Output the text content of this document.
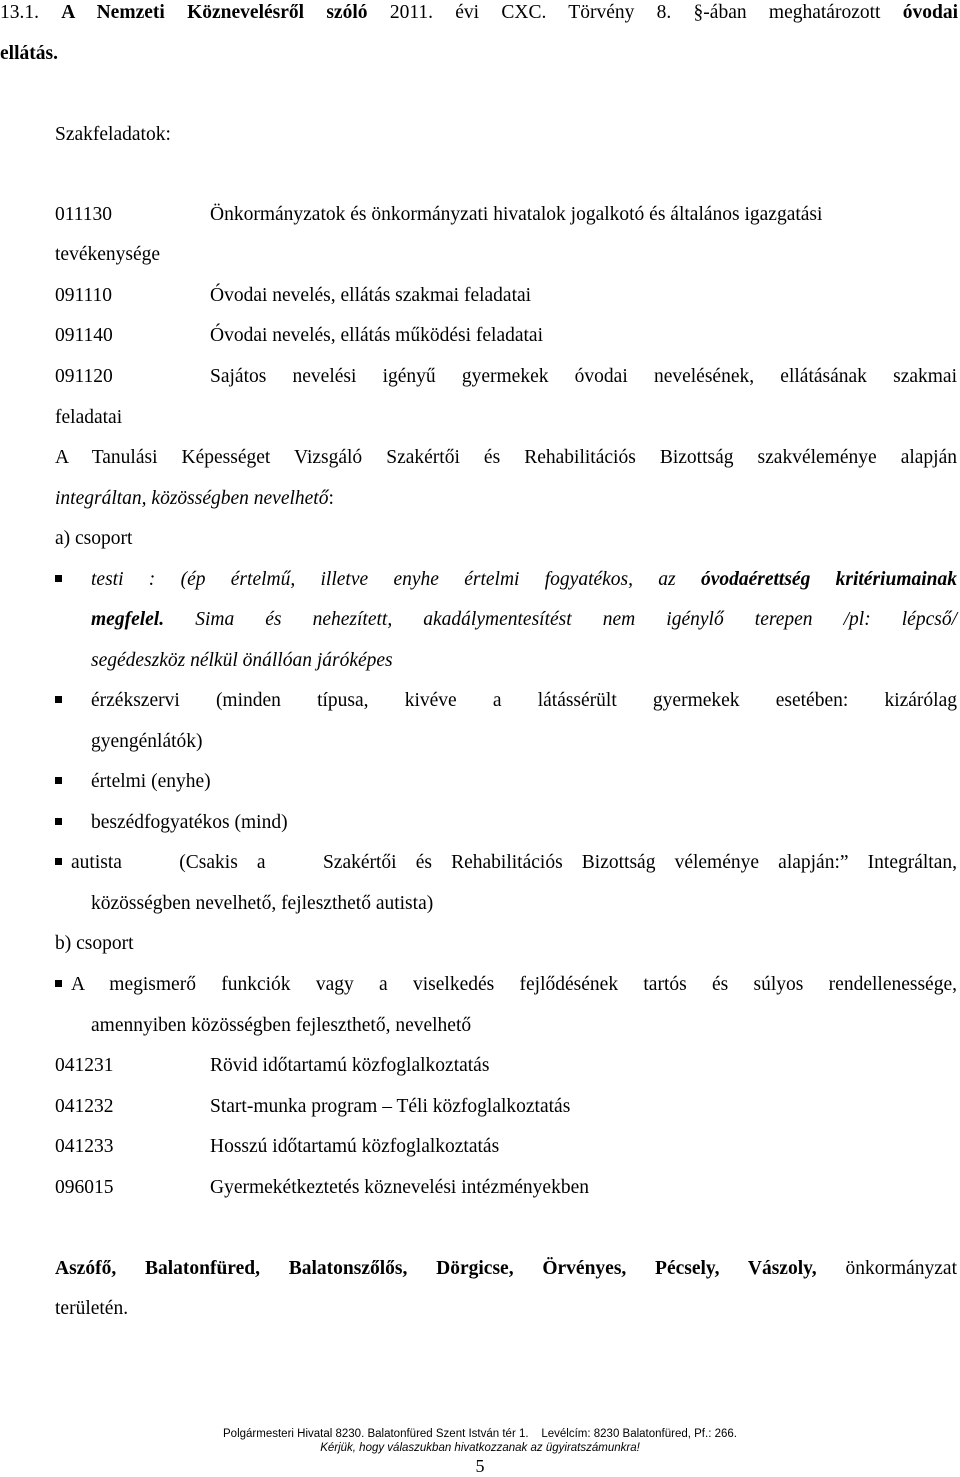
13.1. A Nemzeti Köznevelésről szóló 2011. évi CXC. Törvény 8. §-ában meghatározott óvodai
ellátás.
Szakfeladatok:
011130	Önkormányzatok és önkormányzati hivatalok jogalkotó és általános igazgatási
tevékenysége
091110	Óvodai nevelés, ellátás szakmai feladatai
091140	Óvodai nevelés, ellátás működési feladatai
091120	Sajátos nevelési igényű gyermekek óvodai nevelésének, ellátásának szakmai
feladatai
A Tanulási Képességet Vizsgáló Szakértői és Rehabilitációs Bizottság szakvéleménye alapján
integráltan, közösségben nevelhető:
a) csoport
testi : (ép értelmű, illetve enyhe értelmi fogyatékos, az óvodaérettség kritériumainak
megfelel. Sima és nehezített, akadálymentesítést nem igénylő terepen /pl: lépcső/
segédeszköz nélkül önállóan járóképes
érzékszervi (minden típusa, kivéve a látássérült gyermekek esetében: kizárólag
gyengénlátók)
értelmi (enyhe)
beszédfogyatékos (mind)
autista   (Csakis a   Szakértői és Rehabilitációs Bizottság véleménye alapján:” Integráltan,
közösségben nevelhető, fejleszthető autista)
b) csoport
A megismerő funkciók vagy a viselkedés fejlődésének tartós és súlyos rendellenessége,
amennyiben közösségben fejleszthető, nevelhető
041231	Rövid időtartamú közfoglalkoztatás
041232	Start-munka program – Téli közfoglalkoztatás
041233	Hosszú időtartamú közfoglalkoztatás
096015	Gyermekétkeztetés köznevelési intézményekben
Aszófő, Balatonfüred, Balatonszőlős, Dörgicse, Örvényes, Pécsely, Vászoly, önkormányzat
területén.
Polgármesteri Hivatal 8230. Balatonfüred Szent István tér 1.    Levélcím: 8230 Balatonfüred, Pf.: 266.
Kérjük, hogy válaszukban hivatkozzanak az ügyiratszámunkra!
5
